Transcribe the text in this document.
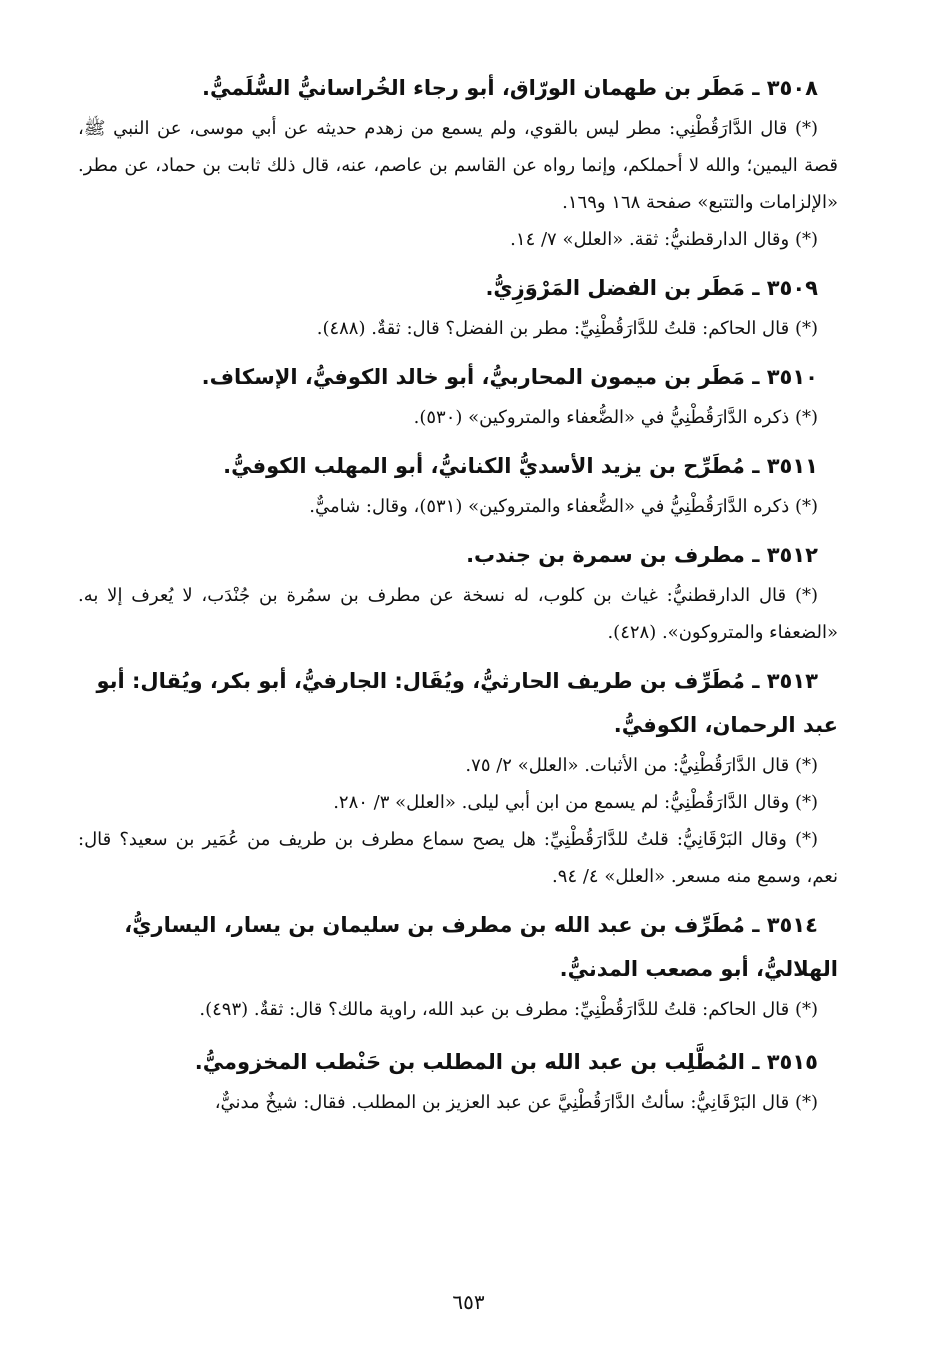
٣٥٠٨ ـ مَطَر بن طهمان الورّاق، أبو رجاء الخُراسانيُّ السُّلَميُّ.
(*) قال الدَّارَقُطْنِي: مطر ليس بالقوي، ولم يسمع من زهدم حديثه عن أبي موسى، عن النبي ﷺ، قصة اليمين؛ والله لا أحملكم، وإنما رواه عن القاسم بن عاصم، عنه، قال ذلك ثابت بن حماد، عن مطر. «الإلزامات والتتبع» صفحة ١٦٨ و١٦٩.
(*) وقال الدارقطنيُّ: ثقة. «العلل» ٧/ ١٤.
٣٥٠٩ ـ مَطَر بن الفضل المَرْوَزِيُّ.
(*) قال الحاكم: قلتُ للدَّارَقُطْنِيِّ: مطر بن الفضل؟ قال: ثقةٌ. (٤٨٨).
٣٥١٠ ـ مَطَر بن ميمون المحاربيُّ، أبو خالد الكوفيُّ، الإسكاف.
(*) ذكره الدَّارَقُطْنِيُّ في «الضُّعفاء والمتروكين» (٥٣٠).
٣٥١١ ـ مُطَرِّح بن يزيد الأسديُّ الكنانيُّ، أبو المهلب الكوفيُّ.
(*) ذكره الدَّارَقُطْنِيُّ في «الضُّعفاء والمتروكين» (٥٣١)، وقال: شاميٌّ.
٣٥١٢ ـ مطرف بن سمرة بن جندب.
(*) قال الدارقطنيُّ: غياث بن كلوب، له نسخة عن مطرف بن سمُرة بن جُنْدَب، لا يُعرف إلا به. «الضعفاء والمتروكون». (٤٢٨).
٣٥١٣ ـ مُطَرِّف بن طريف الحارثيُّ، ويُقَال: الجارفيُّ، أبو بكر، ويُقال: أبو عبد الرحمان، الكوفيُّ.
(*) قال الدَّارَقُطْنِيُّ: من الأثبات. «العلل» ٢/ ٧٥.
(*) وقال الدَّارَقُطْنِيُّ: لم يسمع من ابن أبي ليلى. «العلل» ٣/ ٢٨٠.
(*) وقال البَرْقَانِيُّ: قلتُ للدَّارَقُطْنِيِّ: هل يصح سماع مطرف بن طريف من عُمَير بن سعيد؟ قال: نعم، وسمع منه مسعر. «العلل» ٤/ ٩٤.
٣٥١٤ ـ مُطَرِّف بن عبد الله بن مطرف بن سليمان بن يسار، اليساريُّ، الهلاليُّ، أبو مصعب المدنيُّ.
(*) قال الحاكم: قلتُ للدَّارَقُطْنِيِّ: مطرف بن عبد الله، راوية مالك؟ قال: ثقةٌ. (٤٩٣).
٣٥١٥ ـ المُطَّلِب بن عبد الله بن المطلب بن حَنْطب المخزوميُّ.
(*) قال البَرْقَانِيُّ: سألتُ الدَّارَقُطْنِيَّ عن عبد العزيز بن المطلب. فقال: شيخٌ مدنيٌّ،
٦٥٣
